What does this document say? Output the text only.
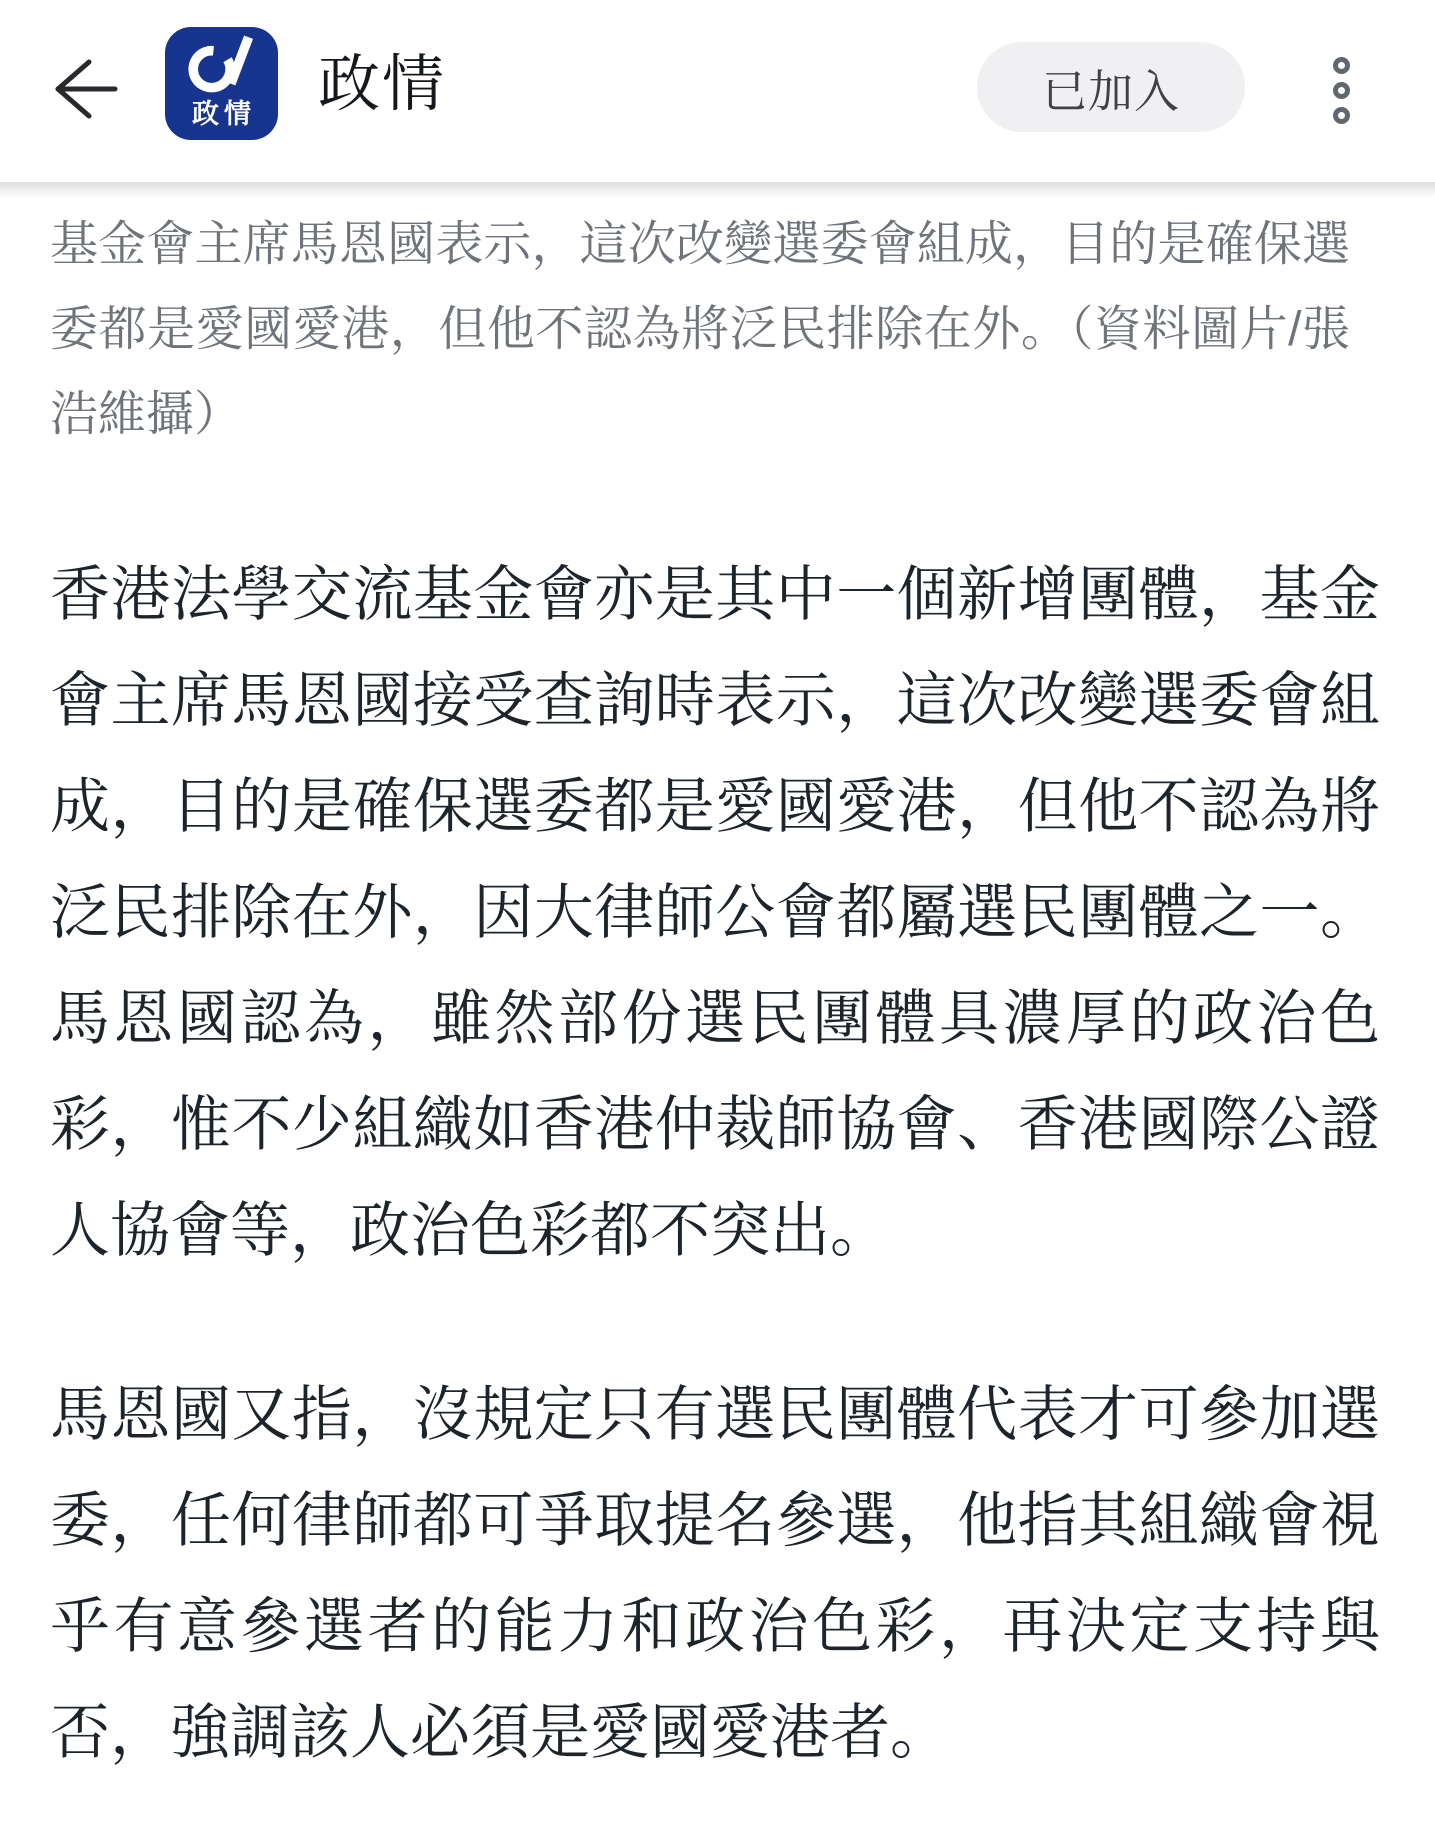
政情	政情	已加入
基金會主席馬恩國表示，這次改變選委會組成，目的是確保選委都是愛國愛港，但他不認為將泛民排除在外。（資料圖片/張浩維攝）

香港法學交流基金會亦是其中一個新增團體，基金會主席馬恩國接受查詢時表示，這次改變選委會組成，目的是確保選委都是愛國愛港，但他不認為將泛民排除在外，因大律師公會都屬選民團體之一。馬恩國認為，雖然部份選民團體具濃厚的政治色彩，惟不少組織如香港仲裁師協會、香港國際公證人協會等，政治色彩都不突出。

馬恩國又指，沒規定只有選民團體代表才可參加選委，任何律師都可爭取提名參選，他指其組織會視乎有意參選者的能力和政治色彩，再決定支持與否，強調該人必須是愛國愛港者。
